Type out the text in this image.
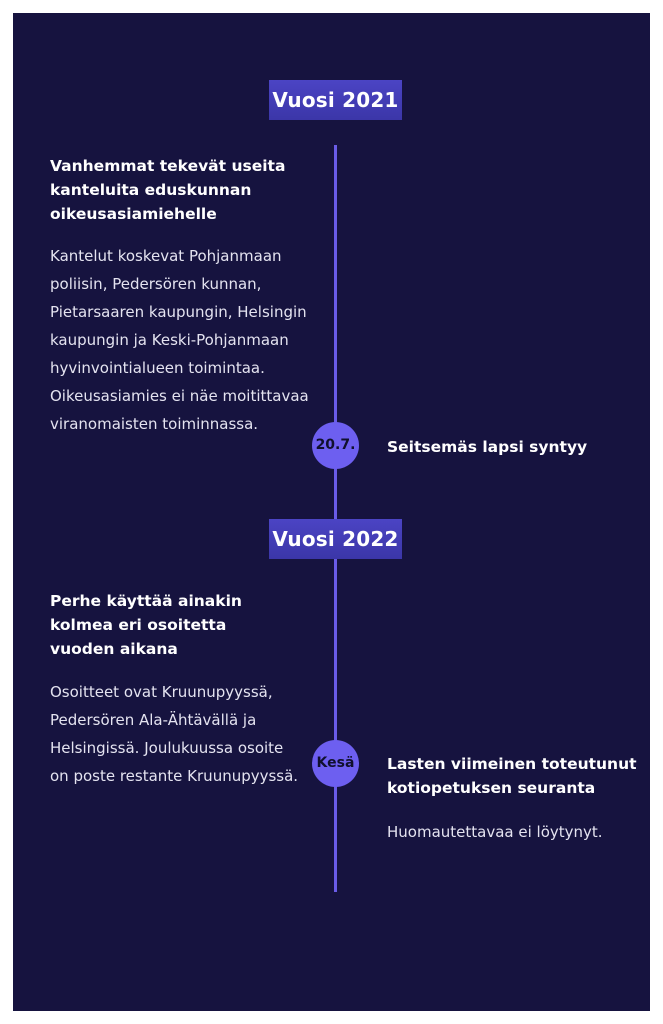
Vuosi 2021
Vanhemmat tekevät useita kanteluita eduskunnan oikeusasiamiehelle
Kantelut koskevat Pohjanmaan poliisin, Pedersören kunnan, Pietarsaaren kaupungin, Helsingin kaupungin ja Keski-Pohjanmaan hyvinvointialueen toimintaa. Oikeusasiamies ei näe moitittavaa viranomaisten toiminnassa.
20.7. Seitsemäs lapsi syntyy
Vuosi 2022
Perhe käyttää ainakin kolmea eri osoitetta vuoden aikana
Osoitteet ovat Kruunupyyssä, Pedersören Ala-Ähtävällä ja Helsingissä. Joulukuussa osoite on poste restante Kruunupyyssä.
Kesä Lasten viimeinen toteutunut kotiopetuksen seuranta
Huomautettavaa ei löytynyt.
